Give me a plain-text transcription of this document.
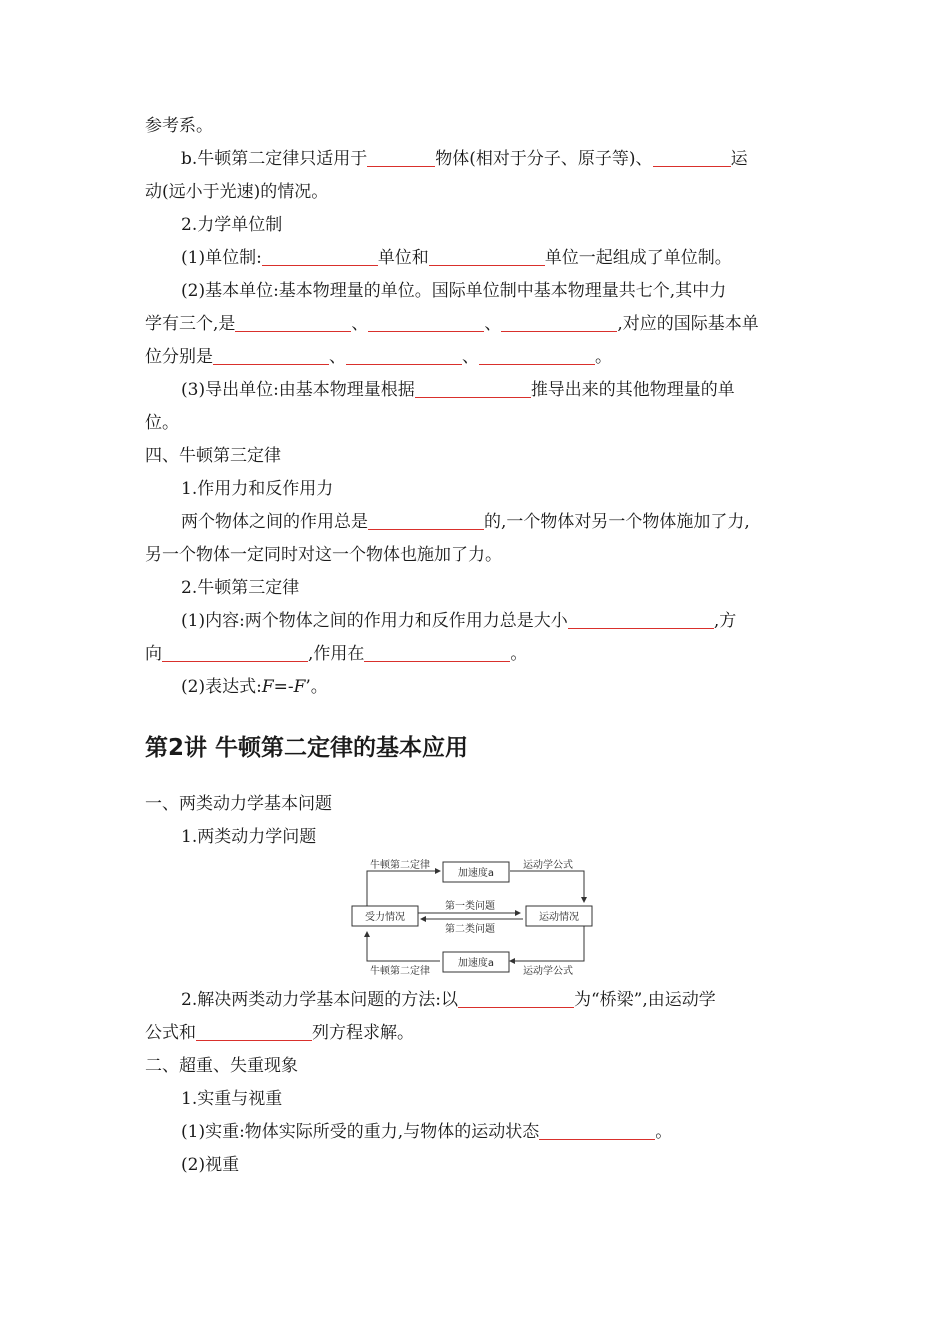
参考系。
b.牛顿第二定律只适用于	物体(相对于分子、原子等)、	运
动(远小于光速)的情况。
2.力学单位制
(1)单位制:	单位和	单位一起组成了单位制。
(2)基本单位:基本物理量的单位。国际单位制中基本物理量共七个,其中力
学有三个,是	、	、	,对应的国际基本单
位分别是	、	、	。
(3)导出单位:由基本物理量根据	推导出来的其他物理量的单
位。
四、牛顿第三定律
1.作用力和反作用力
两个物体之间的作用总是	的,一个物体对另一个物体施加了力,
另一个物体一定同时对这一个物体也施加了力。
2.牛顿第三定律
(1)内容:两个物体之间的作用力和反作用力总是大小	,方
向	,作用在	。
(2)表达式:F=-F’。
第2讲 牛顿第二定律的基本应用
一、两类动力学基本问题
1.两类动力学问题
加速度a
加速度a
受力情况	运动情况
牛顿第二定律	运动学公式
牛顿第二定律	运动学公式
第一类问题
第二类问题
2.解决两类动力学基本问题的方法:以	为“桥梁”,由运动学
公式和	列方程求解。
二、超重、失重现象
1.实重与视重
(1)实重:物体实际所受的重力,与物体的运动状态	。
(2)视重
